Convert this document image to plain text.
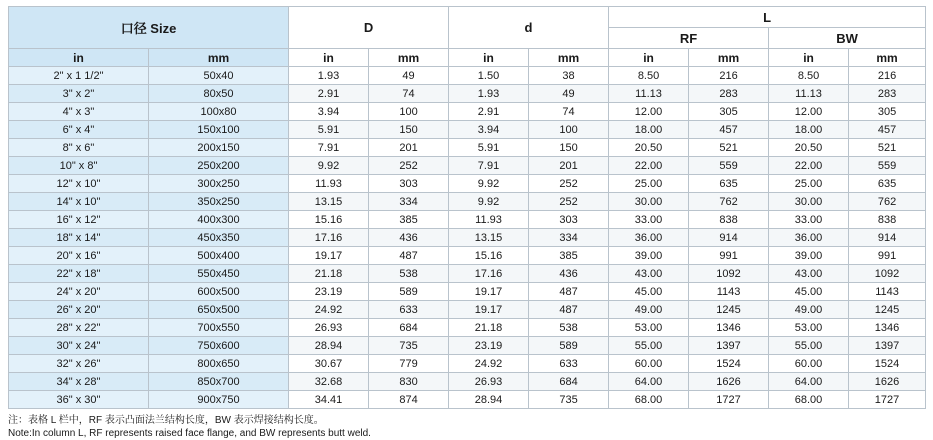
口径 Size		D		d		L			
						RF		BW	
in	mm	in	mm	in	mm	in	mm	in	mm
2" x 1 1/2"	50x40	1.93	49	1.50	38	8.50	216	8.50	216
3" x 2"	80x50	2.91	74	1.93	49	11.13	283	11.13	283
4" x 3"	100x80	3.94	100	2.91	74	12.00	305	12.00	305
6" x 4"	150x100	5.91	150	3.94	100	18.00	457	18.00	457
8" x 6"	200x150	7.91	201	5.91	150	20.50	521	20.50	521
10" x 8"	250x200	9.92	252	7.91	201	22.00	559	22.00	559
12" x 10"	300x250	11.93	303	9.92	252	25.00	635	25.00	635
14" x 10"	350x250	13.15	334	9.92	252	30.00	762	30.00	762
16" x 12"	400x300	15.16	385	11.93	303	33.00	838	33.00	838
18" x 14"	450x350	17.16	436	13.15	334	36.00	914	36.00	914
20" x 16"	500x400	19.17	487	15.16	385	39.00	991	39.00	991
22" x 18"	550x450	21.18	538	17.16	436	43.00	1092	43.00	1092
24" x 20"	600x500	23.19	589	19.17	487	45.00	1143	45.00	1143
26" x 20"	650x500	24.92	633	19.17	487	49.00	1245	49.00	1245
28" x 22"	700x550	26.93	684	21.18	538	53.00	1346	53.00	1346
30" x 24"	750x600	28.94	735	23.19	589	55.00	1397	55.00	1397
32" x 26"	800x650	30.67	779	24.92	633	60.00	1524	60.00	1524
34" x 28"	850x700	32.68	830	26.93	684	64.00	1626	64.00	1626
36" x 30"	900x750	34.41	874	28.94	735	68.00	1727	68.00	1727
注：表格 L 栏中，RF 表示凸面法兰结构长度，BW 表示焊接结构长度。
Note:In column L, RF represents raised face flange, and BW represents butt weld.
